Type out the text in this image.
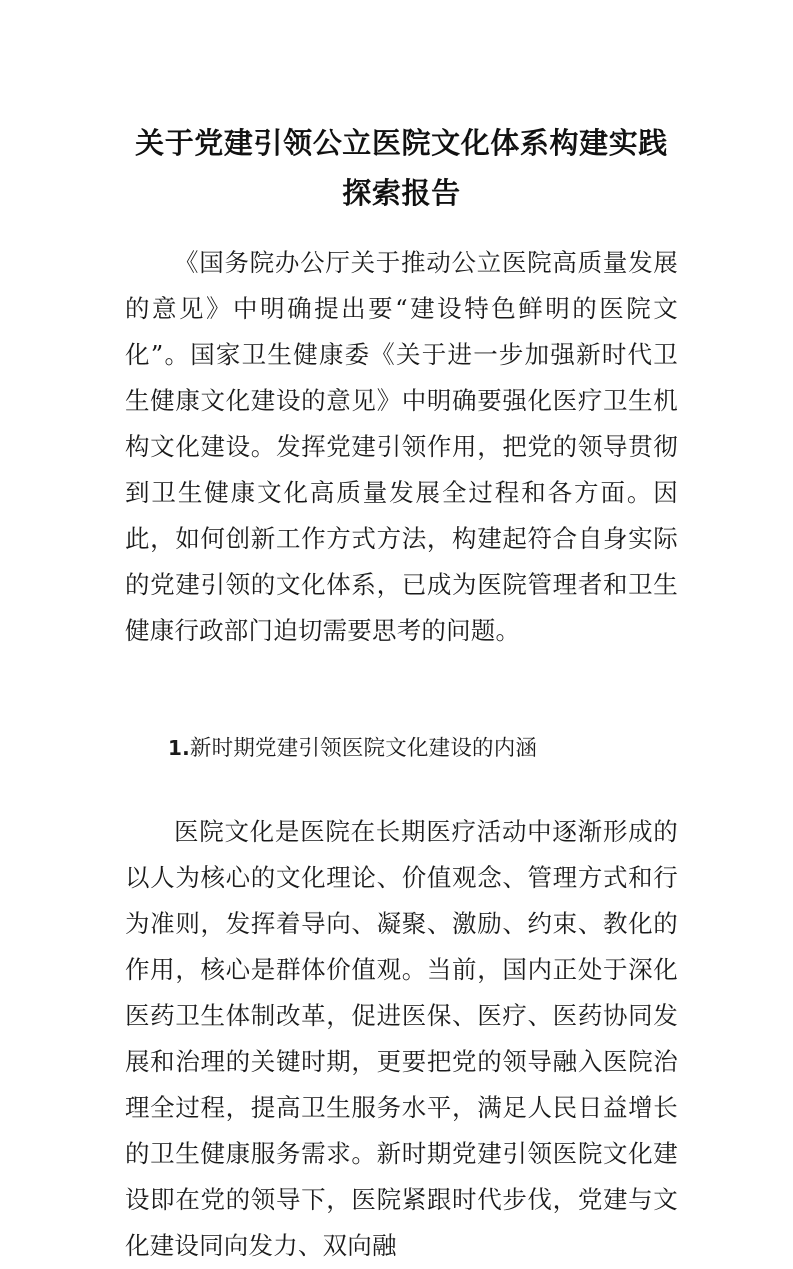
关于党建引领公立医院文化体系构建实践
探索报告

《国务院办公厅关于推动公立医院高质量发展的意见》中明确提出要“建设特色鲜明的医院文化”。国家卫生健康委《关于进一步加强新时代卫生健康文化建设的意见》中明确要强化医疗卫生机构文化建设。发挥党建引领作用，把党的领导贯彻到卫生健康文化高质量发展全过程和各方面。因此，如何创新工作方式方法，构建起符合自身实际的党建引领的文化体系，已成为医院管理者和卫生健康行政部门迫切需要思考的问题。

1.新时期党建引领医院文化建设的内涵

医院文化是医院在长期医疗活动中逐渐形成的以人为核心的文化理论、价值观念、管理方式和行为准则，发挥着导向、凝聚、激励、约束、教化的作用，核心是群体价值观。当前，国内正处于深化医药卫生体制改革，促进医保、医疗、医药协同发展和治理的关键时期，更要把党的领导融入医院治理全过程，提高卫生服务水平，满足人民日益增长的卫生健康服务需求。新时期党建引领医院文化建设即在党的领导下，医院紧跟时代步伐，党建与文化建设同向发力、双向融
